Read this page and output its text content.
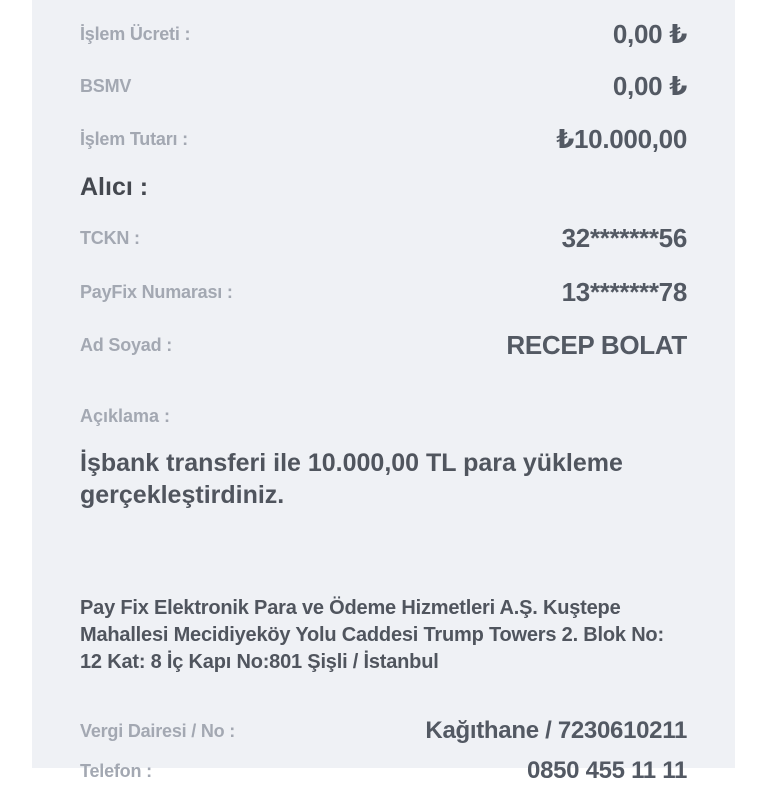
İşlem Ücreti :	0,00 ₺
BSMV	0,00 ₺
İşlem Tutarı :	₺10.000,00
Alıcı :
TCKN :	32*******56
PayFix Numarası :	13*******78
Ad Soyad :	RECEP BOLAT
Açıklama :
İşbank transferi ile 10.000,00 TL para yükleme gerçekleştirdiniz.
Pay Fix Elektronik Para ve Ödeme Hizmetleri A.Ş. Kuştepe Mahallesi Mecidiyeköy Yolu Caddesi Trump Towers 2. Blok No: 12 Kat: 8 İç Kapı No:801 Şişli / İstanbul
Vergi Dairesi / No :	Kağıthane / 7230610211
Telefon :	0850 455 11 11
